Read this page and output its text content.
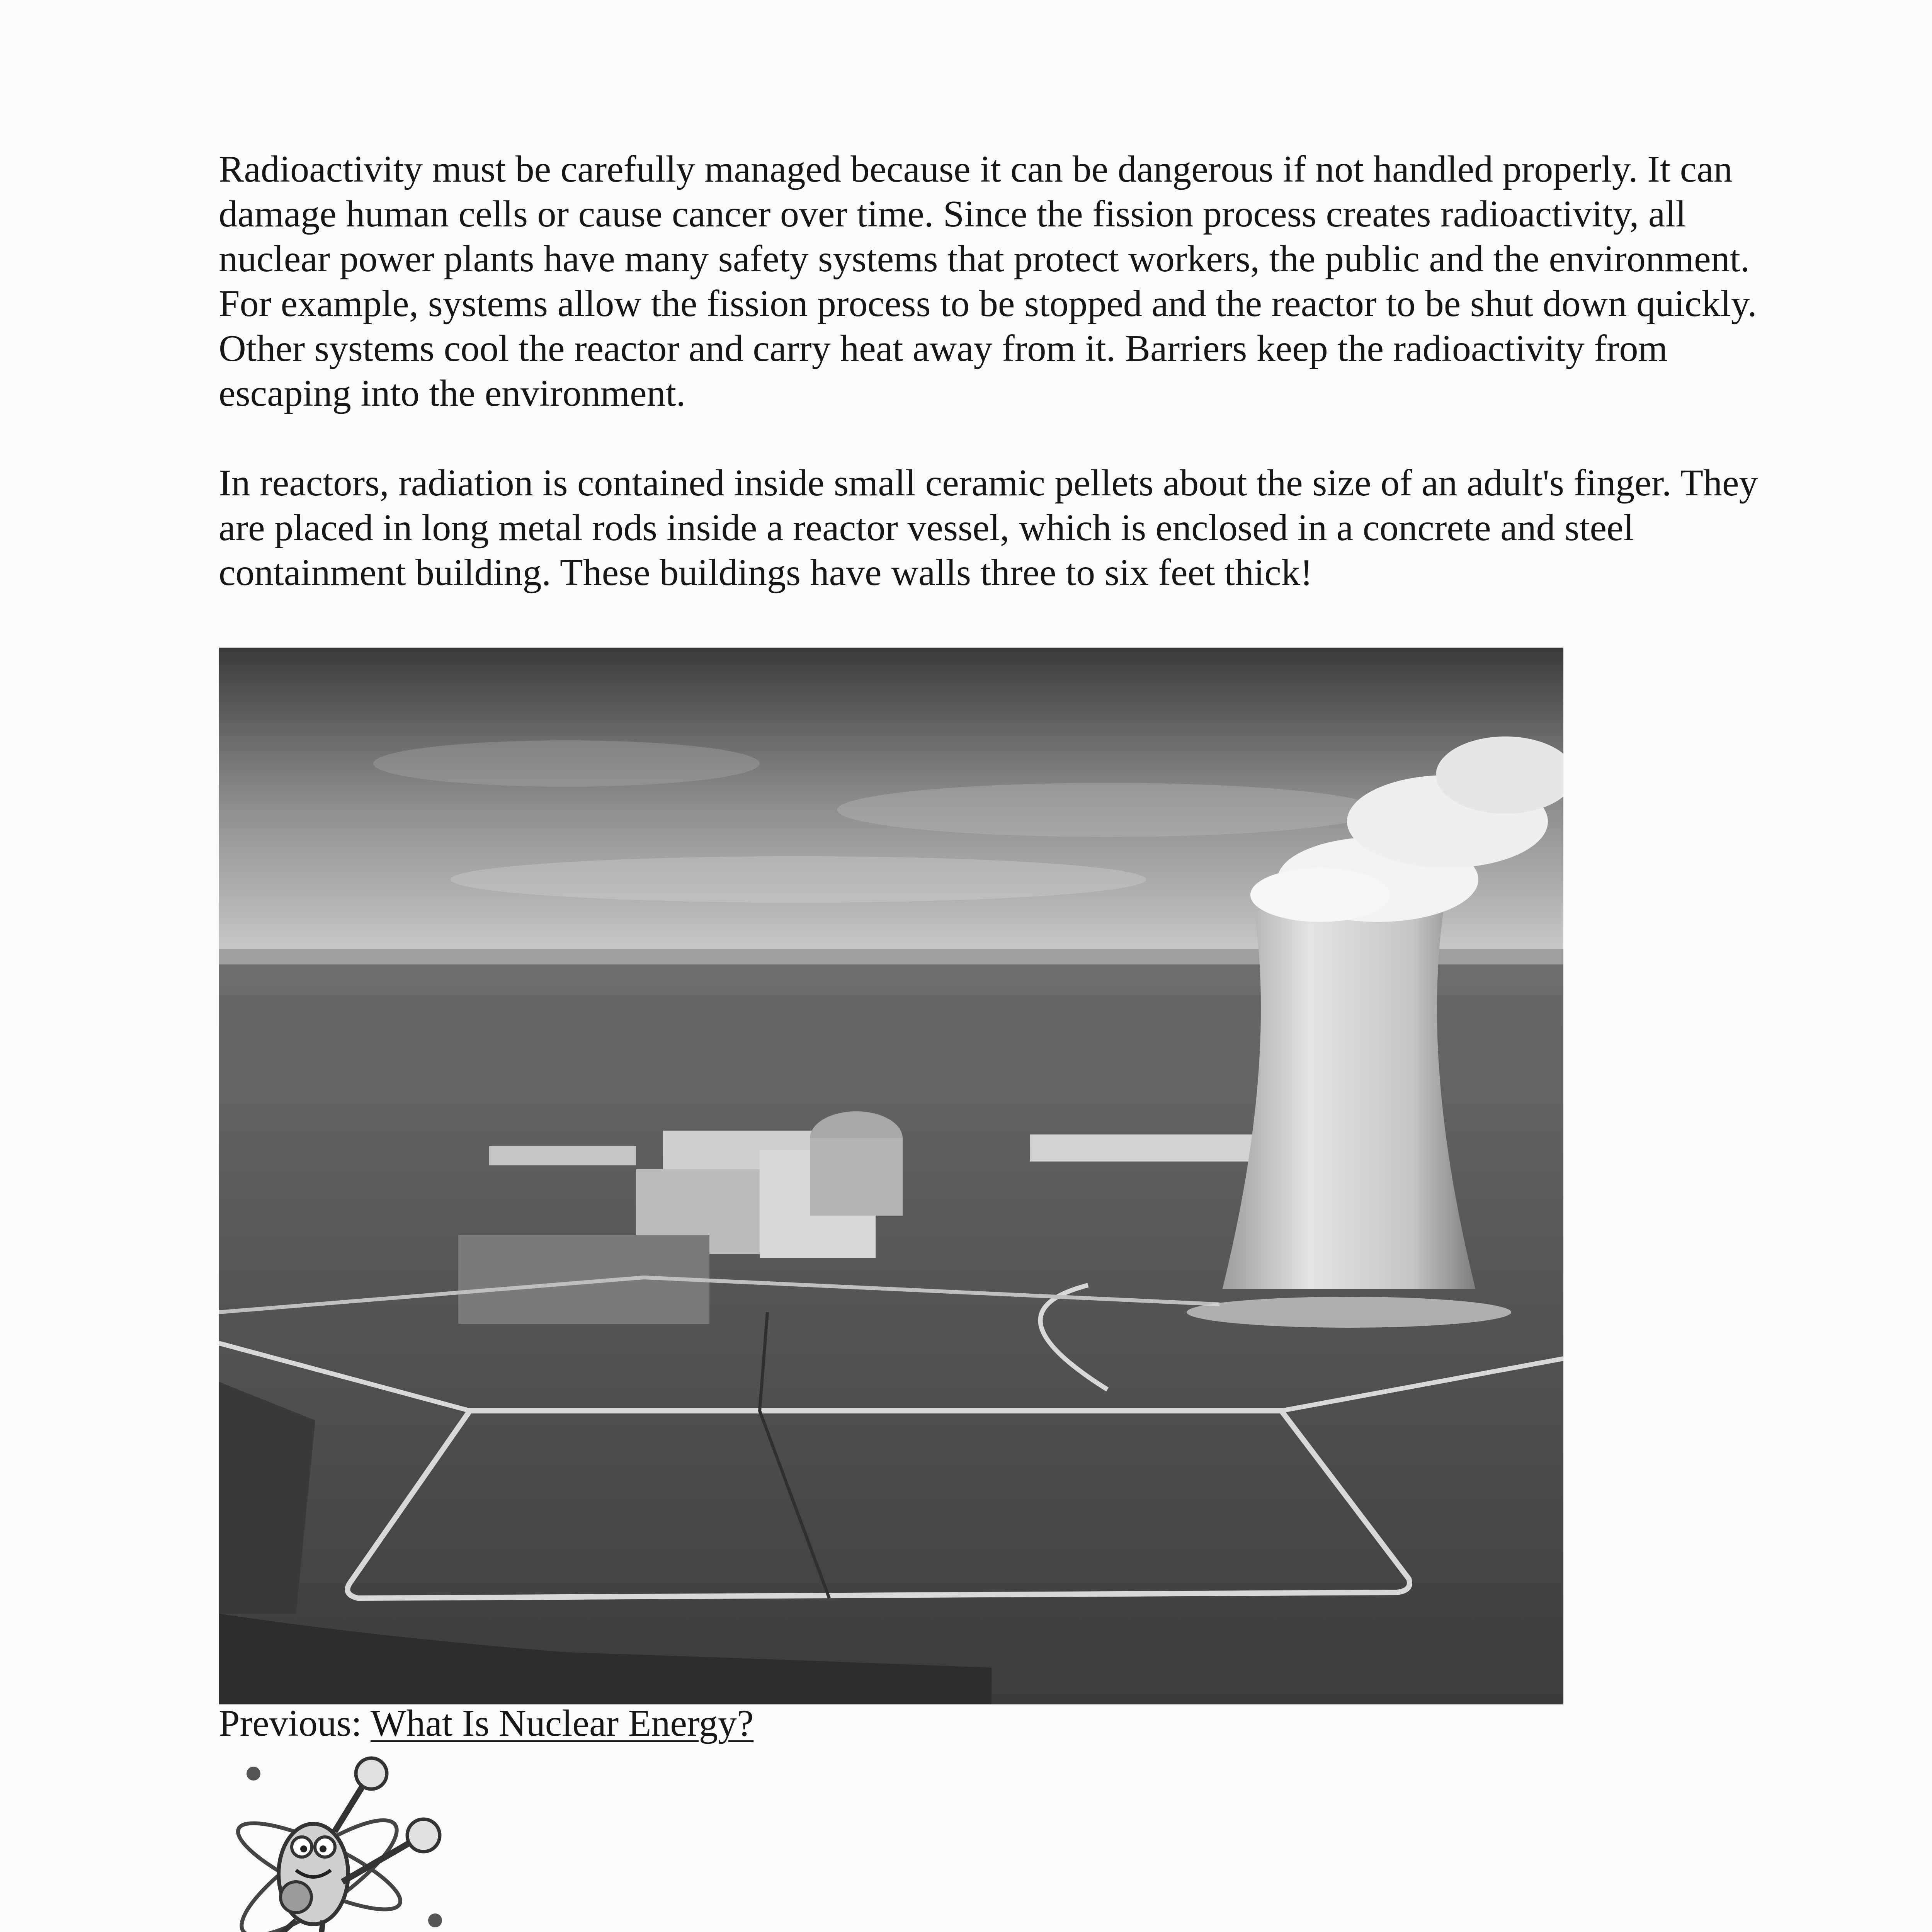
Radioactivity must be carefully managed because it can be dangerous if not handled properly. It can damage human cells or cause cancer over time. Since the fission process creates radioactivity, all nuclear power plants have many safety systems that protect workers, the public and the environment. For example, systems allow the fission process to be stopped and the reactor to be shut down quickly. Other systems cool the reactor and carry heat away from it. Barriers keep the radioactivity from escaping into the environment.

In reactors, radiation is contained inside small ceramic pellets about the size of an adult's finger. They are placed in long metal rods inside a reactor vessel, which is enclosed in a concrete and steel containment building. These buildings have walls three to six feet thick!

Previous: What Is Nuclear Energy?
